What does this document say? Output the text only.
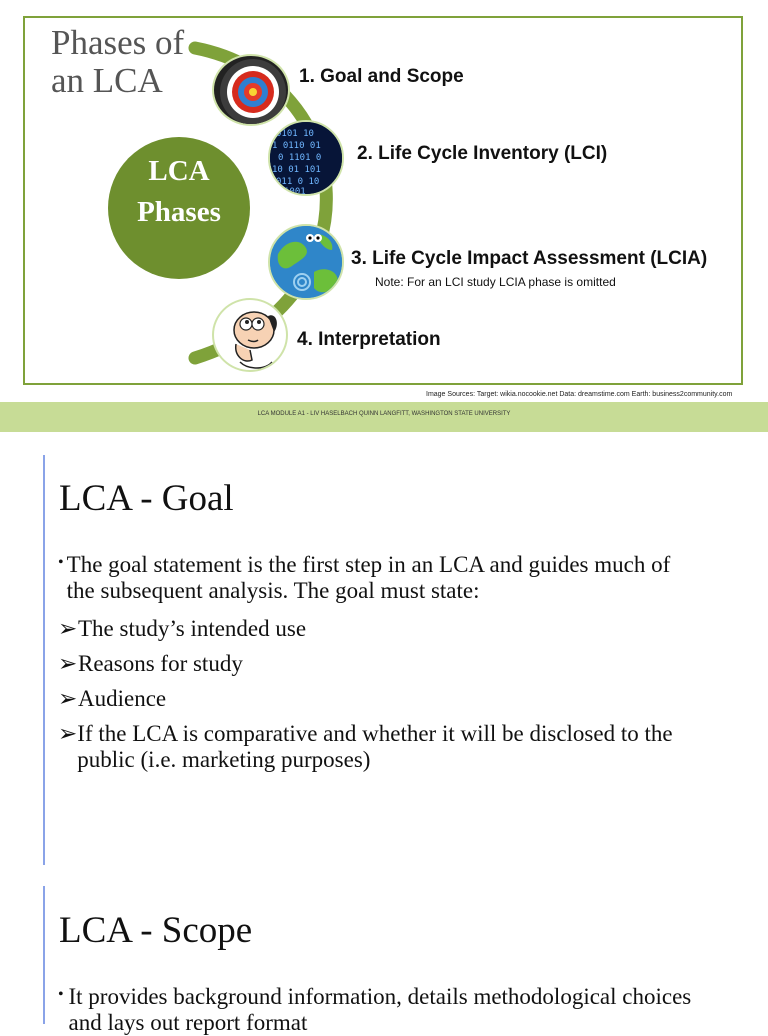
Phases of an LCA
LCA Phases
1. Goal and Scope
0101 10
1 0110 01
0 1101 0
10 01 101
011 0 10
1001
2. Life Cycle Inventory (LCI)
3. Life Cycle Impact Assessment (LCIA)
Note: For an LCI study LCIA phase is omitted
4. Interpretation
Image Sources: Target: wikia.nocookie.net Data: dreamstime.com Earth: business2community.com
LCA MODULE A1 - LIV HASELBACH QUINN LANGFITT, WASHINGTON STATE UNIVERSITY
LCA - Goal
• The goal statement is the first step in an LCA and guides much of the subsequent analysis. The goal must state:
➢ The study’s intended use
➢ Reasons for study
➢ Audience
➢ If the LCA is comparative and whether it will be disclosed to the public (i.e. marketing purposes)
LCA - Scope
• It provides background information, details methodological choices and lays out report format
